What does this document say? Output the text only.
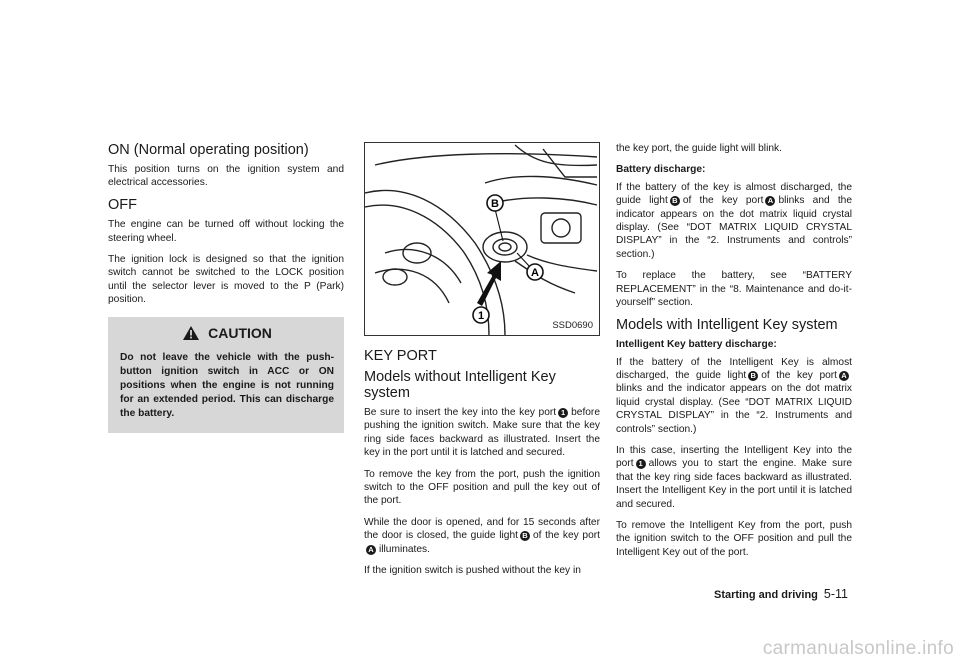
ON (Normal operating position)

This position turns on the ignition system and electrical accessories.

OFF

The engine can be turned off without locking the steering wheel.

The ignition lock is designed so that the ignition switch cannot be switched to the LOCK position until the selector lever is moved to the P (Park) position.

CAUTION
Do not leave the vehicle with the push-button ignition switch in ACC or ON positions when the engine is not running for an extended period. This can discharge the battery.
B
A
1
SSD0690
KEY PORT
Models without Intelligent Key system

Be sure to insert the key into the key port 1 before pushing the ignition switch. Make sure that the key ring side faces backward as illustrated. Insert the key in the port until it is latched and secured.

To remove the key from the port, push the ignition switch to the OFF position and pull the key out of the port.

While the door is opened, and for 15 seconds after the door is closed, the guide light B of the key portA illuminates.

If the ignition switch is pushed without the key in

the key port, the guide light will blink.

Battery discharge:

If the battery of the key is almost discharged, the guide light B of the key port A blinks and the indicator appears on the dot matrix liquid crystal display. (See “DOT MATRIX LIQUID CRYSTAL DISPLAY” in the “2. Instruments and controls” section.)

To replace the battery, see “BATTERY REPLACEMENT” in the “8. Maintenance and do-it-yourself” section.

Models with Intelligent Key system

Intelligent Key battery discharge:

If the battery of the Intelligent Key is almost discharged, the guide light B of the key port Ablinks and the indicator appears on the dot matrix liquid crystal display. (See “DOT MATRIX LIQUID CRYSTAL DISPLAY” in the “2. Instruments and controls” section.)

In this case, inserting the Intelligent Key into the port 1 allows you to start the engine. Make sure that the key ring side faces backward as illustrated. Insert the Intelligent Key in the port until it is latched and secured.

To remove the Intelligent Key from the port, push the ignition switch to the OFF position and pull the Intelligent Key out of the port.

Starting and driving 5-11
carmanualsonline.info
